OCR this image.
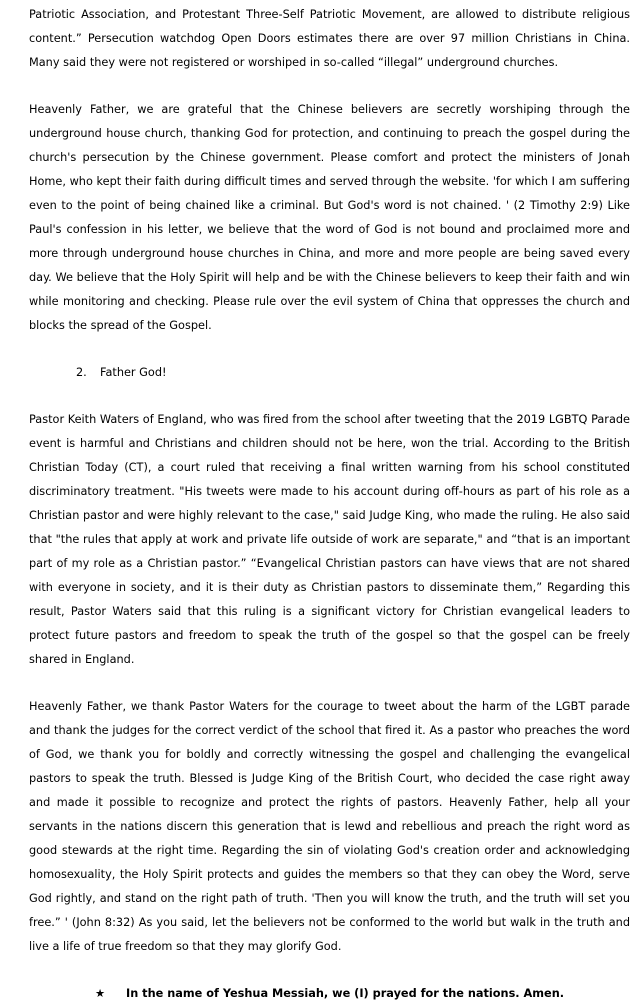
Patriotic Association, and Protestant Three-Self Patriotic Movement, are allowed to distribute religious content.” Persecution watchdog Open Doors estimates there are over 97 million Christians in China. Many said they were not registered or worshiped in so-called “illegal” underground churches.

Heavenly Father, we are grateful that the Chinese believers are secretly worshiping through the underground house church, thanking God for protection, and continuing to preach the gospel during the church's persecution by the Chinese government. Please comfort and protect the ministers of Jonah Home, who kept their faith during difficult times and served through the website. 'for which I am suffering even to the point of being chained like a criminal. But God's word is not chained. ' (2 Timothy 2:9) Like Paul's confession in his letter, we believe that the word of God is not bound and proclaimed more and more through underground house churches in China, and more and more people are being saved every day. We believe that the Holy Spirit will help and be with the Chinese believers to keep their faith and win while monitoring and checking. Please rule over the evil system of China that oppresses the church and blocks the spread of the Gospel.

2. Father God!

Pastor Keith Waters of England, who was fired from the school after tweeting that the 2019 LGBTQ Parade event is harmful and Christians and children should not be here, won the trial. According to the British Christian Today (CT), a court ruled that receiving a final written warning from his school constituted discriminatory treatment. "His tweets were made to his account during off-hours as part of his role as a Christian pastor and were highly relevant to the case," said Judge King, who made the ruling. He also said that "the rules that apply at work and private life outside of work are separate," and “that is an important part of my role as a Christian pastor.” “Evangelical Christian pastors can have views that are not shared with everyone in society, and it is their duty as Christian pastors to disseminate them,” Regarding this result, Pastor Waters said that this ruling is a significant victory for Christian evangelical leaders to protect future pastors and freedom to speak the truth of the gospel so that the gospel can be freely shared in England.

Heavenly Father, we thank Pastor Waters for the courage to tweet about the harm of the LGBT parade and thank the judges for the correct verdict of the school that fired it. As a pastor who preaches the word of God, we thank you for boldly and correctly witnessing the gospel and challenging the evangelical pastors to speak the truth. Blessed is Judge King of the British Court, who decided the case right away and made it possible to recognize and protect the rights of pastors. Heavenly Father, help all your servants in the nations discern this generation that is lewd and rebellious and preach the right word as good stewards at the right time. Regarding the sin of violating God's creation order and acknowledging homosexuality, the Holy Spirit protects and guides the members so that they can obey the Word, serve God rightly, and stand on the right path of truth. 'Then you will know the truth, and the truth will set you free.” ' (John 8:32) As you said, let the believers not be conformed to the world but walk in the truth and live a life of true freedom so that they may glorify God.

★ In the name of Yeshua Messiah, we (I) prayed for the nations. Amen.
